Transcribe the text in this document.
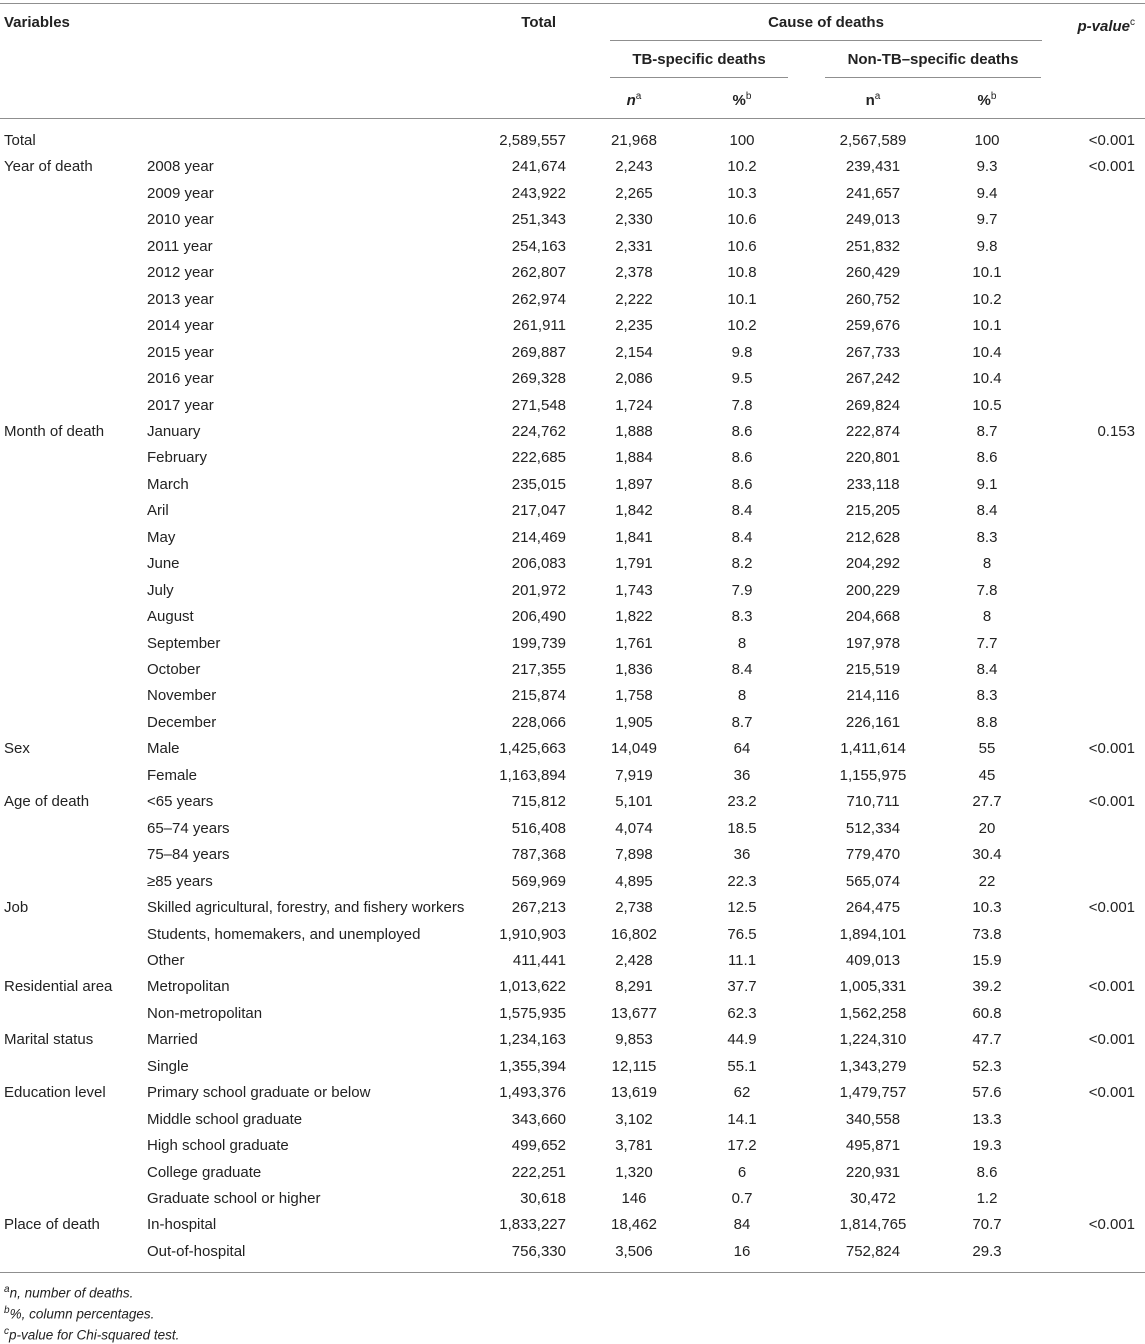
Variables	Total	Cause of deaths	p-value$^c$
TB-specific deaths	Non-TB–specific deaths
$n^a$	%$^b$	$n^a$	%$^b$
Total	2,589,557	21,968	100	2,567,589	100	<0.001
Year of death	2008 year	241,674	2,243	10.2	239,431	9.3	<0.001
2009 year	243,922	2,265	10.3	241,657	9.4
2010 year	251,343	2,330	10.6	249,013	9.7
2011 year	254,163	2,331	10.6	251,832	9.8
2012 year	262,807	2,378	10.8	260,429	10.1
2013 year	262,974	2,222	10.1	260,752	10.2
2014 year	261,911	2,235	10.2	259,676	10.1
2015 year	269,887	2,154	9.8	267,733	10.4
2016 year	269,328	2,086	9.5	267,242	10.4
2017 year	271,548	1,724	7.8	269,824	10.5
Month of death	January	224,762	1,888	8.6	222,874	8.7	0.153
February	222,685	1,884	8.6	220,801	8.6
March	235,015	1,897	8.6	233,118	9.1
Aril	217,047	1,842	8.4	215,205	8.4
May	214,469	1,841	8.4	212,628	8.3
June	206,083	1,791	8.2	204,292	8
July	201,972	1,743	7.9	200,229	7.8
August	206,490	1,822	8.3	204,668	8
September	199,739	1,761	8	197,978	7.7
October	217,355	1,836	8.4	215,519	8.4
November	215,874	1,758	8	214,116	8.3
December	228,066	1,905	8.7	226,161	8.8
Sex	Male	1,425,663	14,049	64	1,411,614	55	<0.001
Female	1,163,894	7,919	36	1,155,975	45
Age of death	<65 years	715,812	5,101	23.2	710,711	27.7	<0.001
65–74 years	516,408	4,074	18.5	512,334	20
75–84 years	787,368	7,898	36	779,470	30.4
≥85 years	569,969	4,895	22.3	565,074	22
Job	Skilled agricultural, forestry, and fishery workers	267,213	2,738	12.5	264,475	10.3	<0.001
Students, homemakers, and unemployed	1,910,903	16,802	76.5	1,894,101	73.8
Other	411,441	2,428	11.1	409,013	15.9
Residential area Metropolitan	1,013,622	8,291	37.7	1,005,331	39.2	<0.001
Non-metropolitan	1,575,935	13,677	62.3	1,562,258	60.8
Marital status	Married	1,234,163	9,853	44.9	1,224,310	47.7	<0.001
Single	1,355,394	12,115	55.1	1,343,279	52.3
Education level	Primary school graduate or below	1,493,376	13,619	62	1,479,757	57.6	<0.001
Middle school graduate	343,660	3,102	14.1	340,558	13.3
High school graduate	499,652	3,781	17.2	495,871	19.3
College graduate	222,251	1,320	6	220,931	8.6
Graduate school or higher	30,618	146	0.7	30,472	1.2
Place of death	In-hospital	1,833,227	18,462	84	1,814,765	70.7	<0.001
Out-of-hospital	756,330	3,506	16	752,824	29.3
$^a$n, number of deaths.
$^b$%, column percentages.
$^c$p-value for Chi-squared test.
